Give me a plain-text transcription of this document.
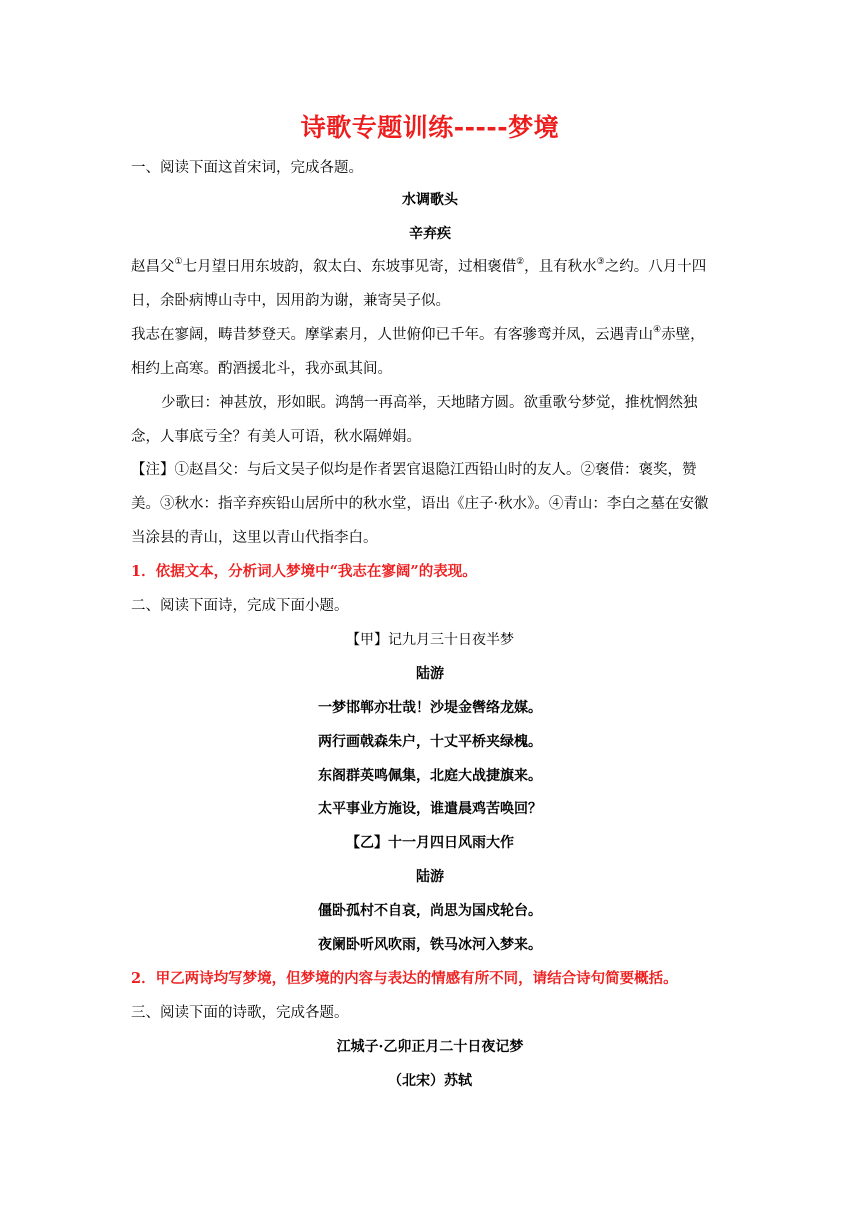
诗歌专题训练-----梦境
一、阅读下面这首宋词，完成各题。
水调歌头
辛弃疾
赵昌父①七月望日用东坡韵，叙太白、东坡事见寄，过相褒借②，且有秋水③之约。八月十四
日，余卧病博山寺中，因用韵为谢，兼寄吴子似。
我志在寥阔，畴昔梦登天。摩挲素月，人世俯仰已千年。有客骖鸾并凤，云遇青山④赤壁，
相约上高寒。酌酒援北斗，我亦虱其间。
少歌曰：神甚放，形如眠。鸿鹄一再高举，天地睹方圆。欲重歌兮梦觉，推枕惘然独
念，人事底亏全？有美人可语，秋水隔婵娟。
【注】①赵昌父：与后文吴子似均是作者罢官退隐江西铅山时的友人。②褒借：褒奖，赞
美。③秋水：指辛弃疾铅山居所中的秋水堂，语出《庄子·秋水》。④青山：李白之墓在安徽
当涂县的青山，这里以青山代指李白。
1．依据文本，分析词人梦境中“我志在寥阔”的表现。
二、阅读下面诗，完成下面小题。
【甲】记九月三十日夜半梦
陆游
一梦邯郸亦壮哉！沙堤金辔络龙媒。
两行画戟森朱户，十丈平桥夹绿槐。
东阁群英鸣佩集，北庭大战捷旗来。
太平事业方施设，谁遣晨鸡苦唤回？
【乙】十一月四日风雨大作
陆游
僵卧孤村不自哀，尚思为国戍轮台。
夜阑卧听风吹雨，铁马冰河入梦来。
2．甲乙两诗均写梦境，但梦境的内容与表达的情感有所不同，请结合诗句简要概括。
三、阅读下面的诗歌，完成各题。
江城子·乙卯正月二十日夜记梦
（北宋）苏轼
